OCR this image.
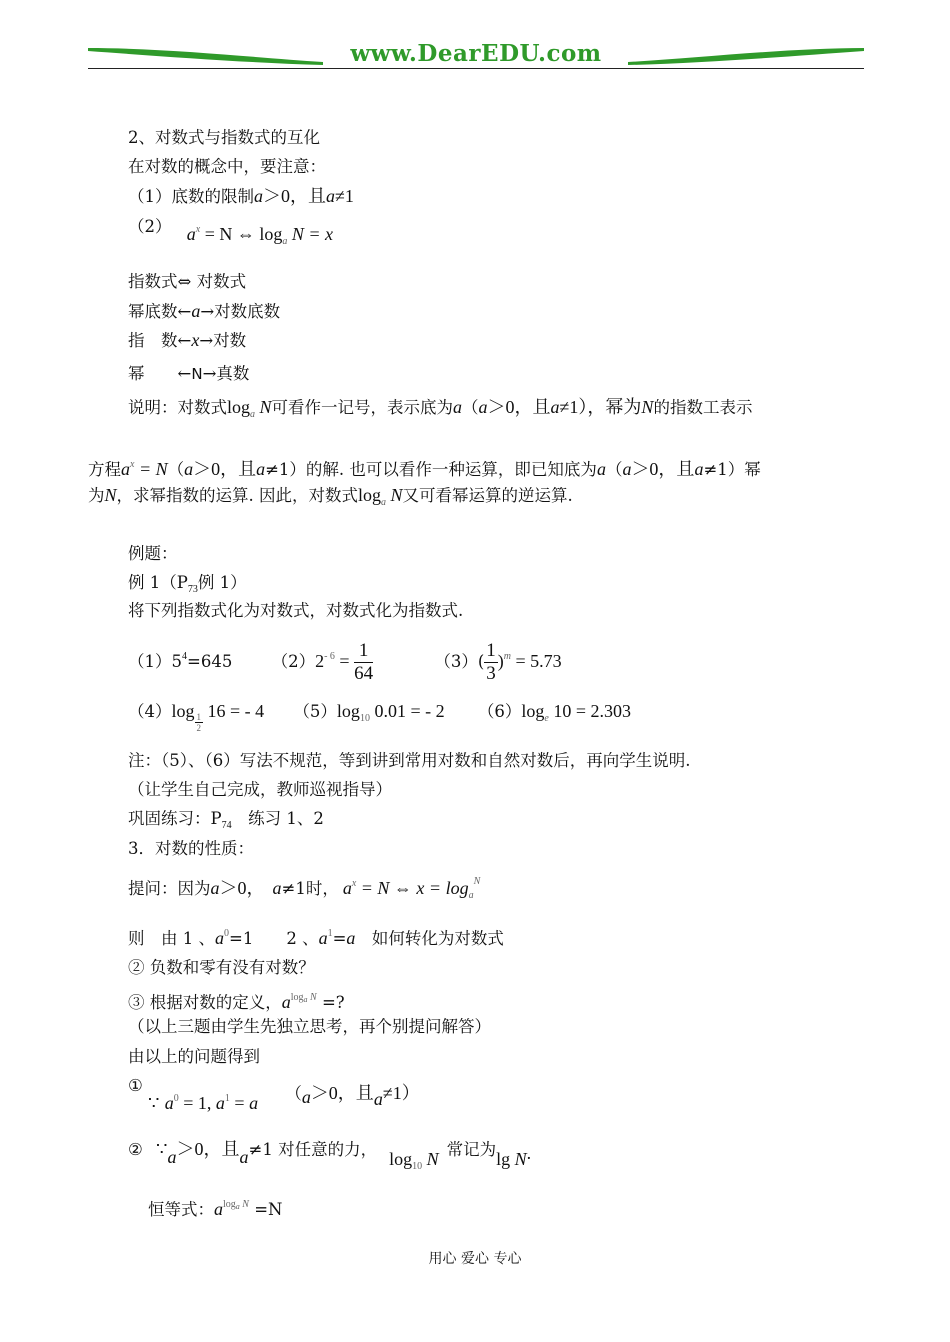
www.DearEDU.com
2、对数式与指数式的互化
在对数的概念中，要注意：
（1）底数的限制a＞0，且a≠1
（2） $a^x = N$ ⇔ $\log_a N = x$
指数式⇔ 对数式
幂底数←a→对数底数
指　数←x→对数
幂　　←N→真数
说明：对数式$\log_a N$可看作一记号，表示底为a（a＞0，且a≠1），幂为N的指数工表示
方程$a^x = N(a>0$，且a≠1）的解. 也可以看作一种运算，即已知底为a（a＞0，且a≠1）幂
为N，求幂指数的运算. 因此，对数式$\log_a N$又可看幂运算的逆运算.
例题：
例 $1(P_{73}$例 1）
将下列指数式化为对数式，对数式化为指数式.
$(1)5^4=645$ $(2)2^{- 6} = \frac{1}{64}$	$(3)( \frac{1}{3} )^m = 5.73$
（4）log
$\frac{1}{2}$
16 = - 4 $(5)\log_{10}$ 0.01 = - 2 $(6)\log_e$ 10 = 2.303
注：（5）、（6）写法不规范，等到讲到常用对数和自然对数后，再向学生说明.
（让学生自己完成，教师巡视指导）
巩固练习：$P_{74}$　练习 1、2
3．对数的性质：
提问：因为a＞0， a≠1时， $a^x = N$ ⇔ $x = \log_a^N$
则　由 1 、$a^0=1$　　2 、$a^1=a$　如何转化为对数式
② 负数和零有没有对数？
③ 根据对数的定义，$a^{loga}$ $^N$ =?
（以上三题由学生先独立思考，再个别提问解答）
由以上的问题得到
① ∵ $a^0 = 1$, $a^1 = a$ （a＞0，且a≠1）
② ∵a＞0，且a≠1 对任意的力， $\log_{10} N$ 常记为lg N.
恒等式：$a^{loga}$ $^N$ =N
用心 爱心 专心
